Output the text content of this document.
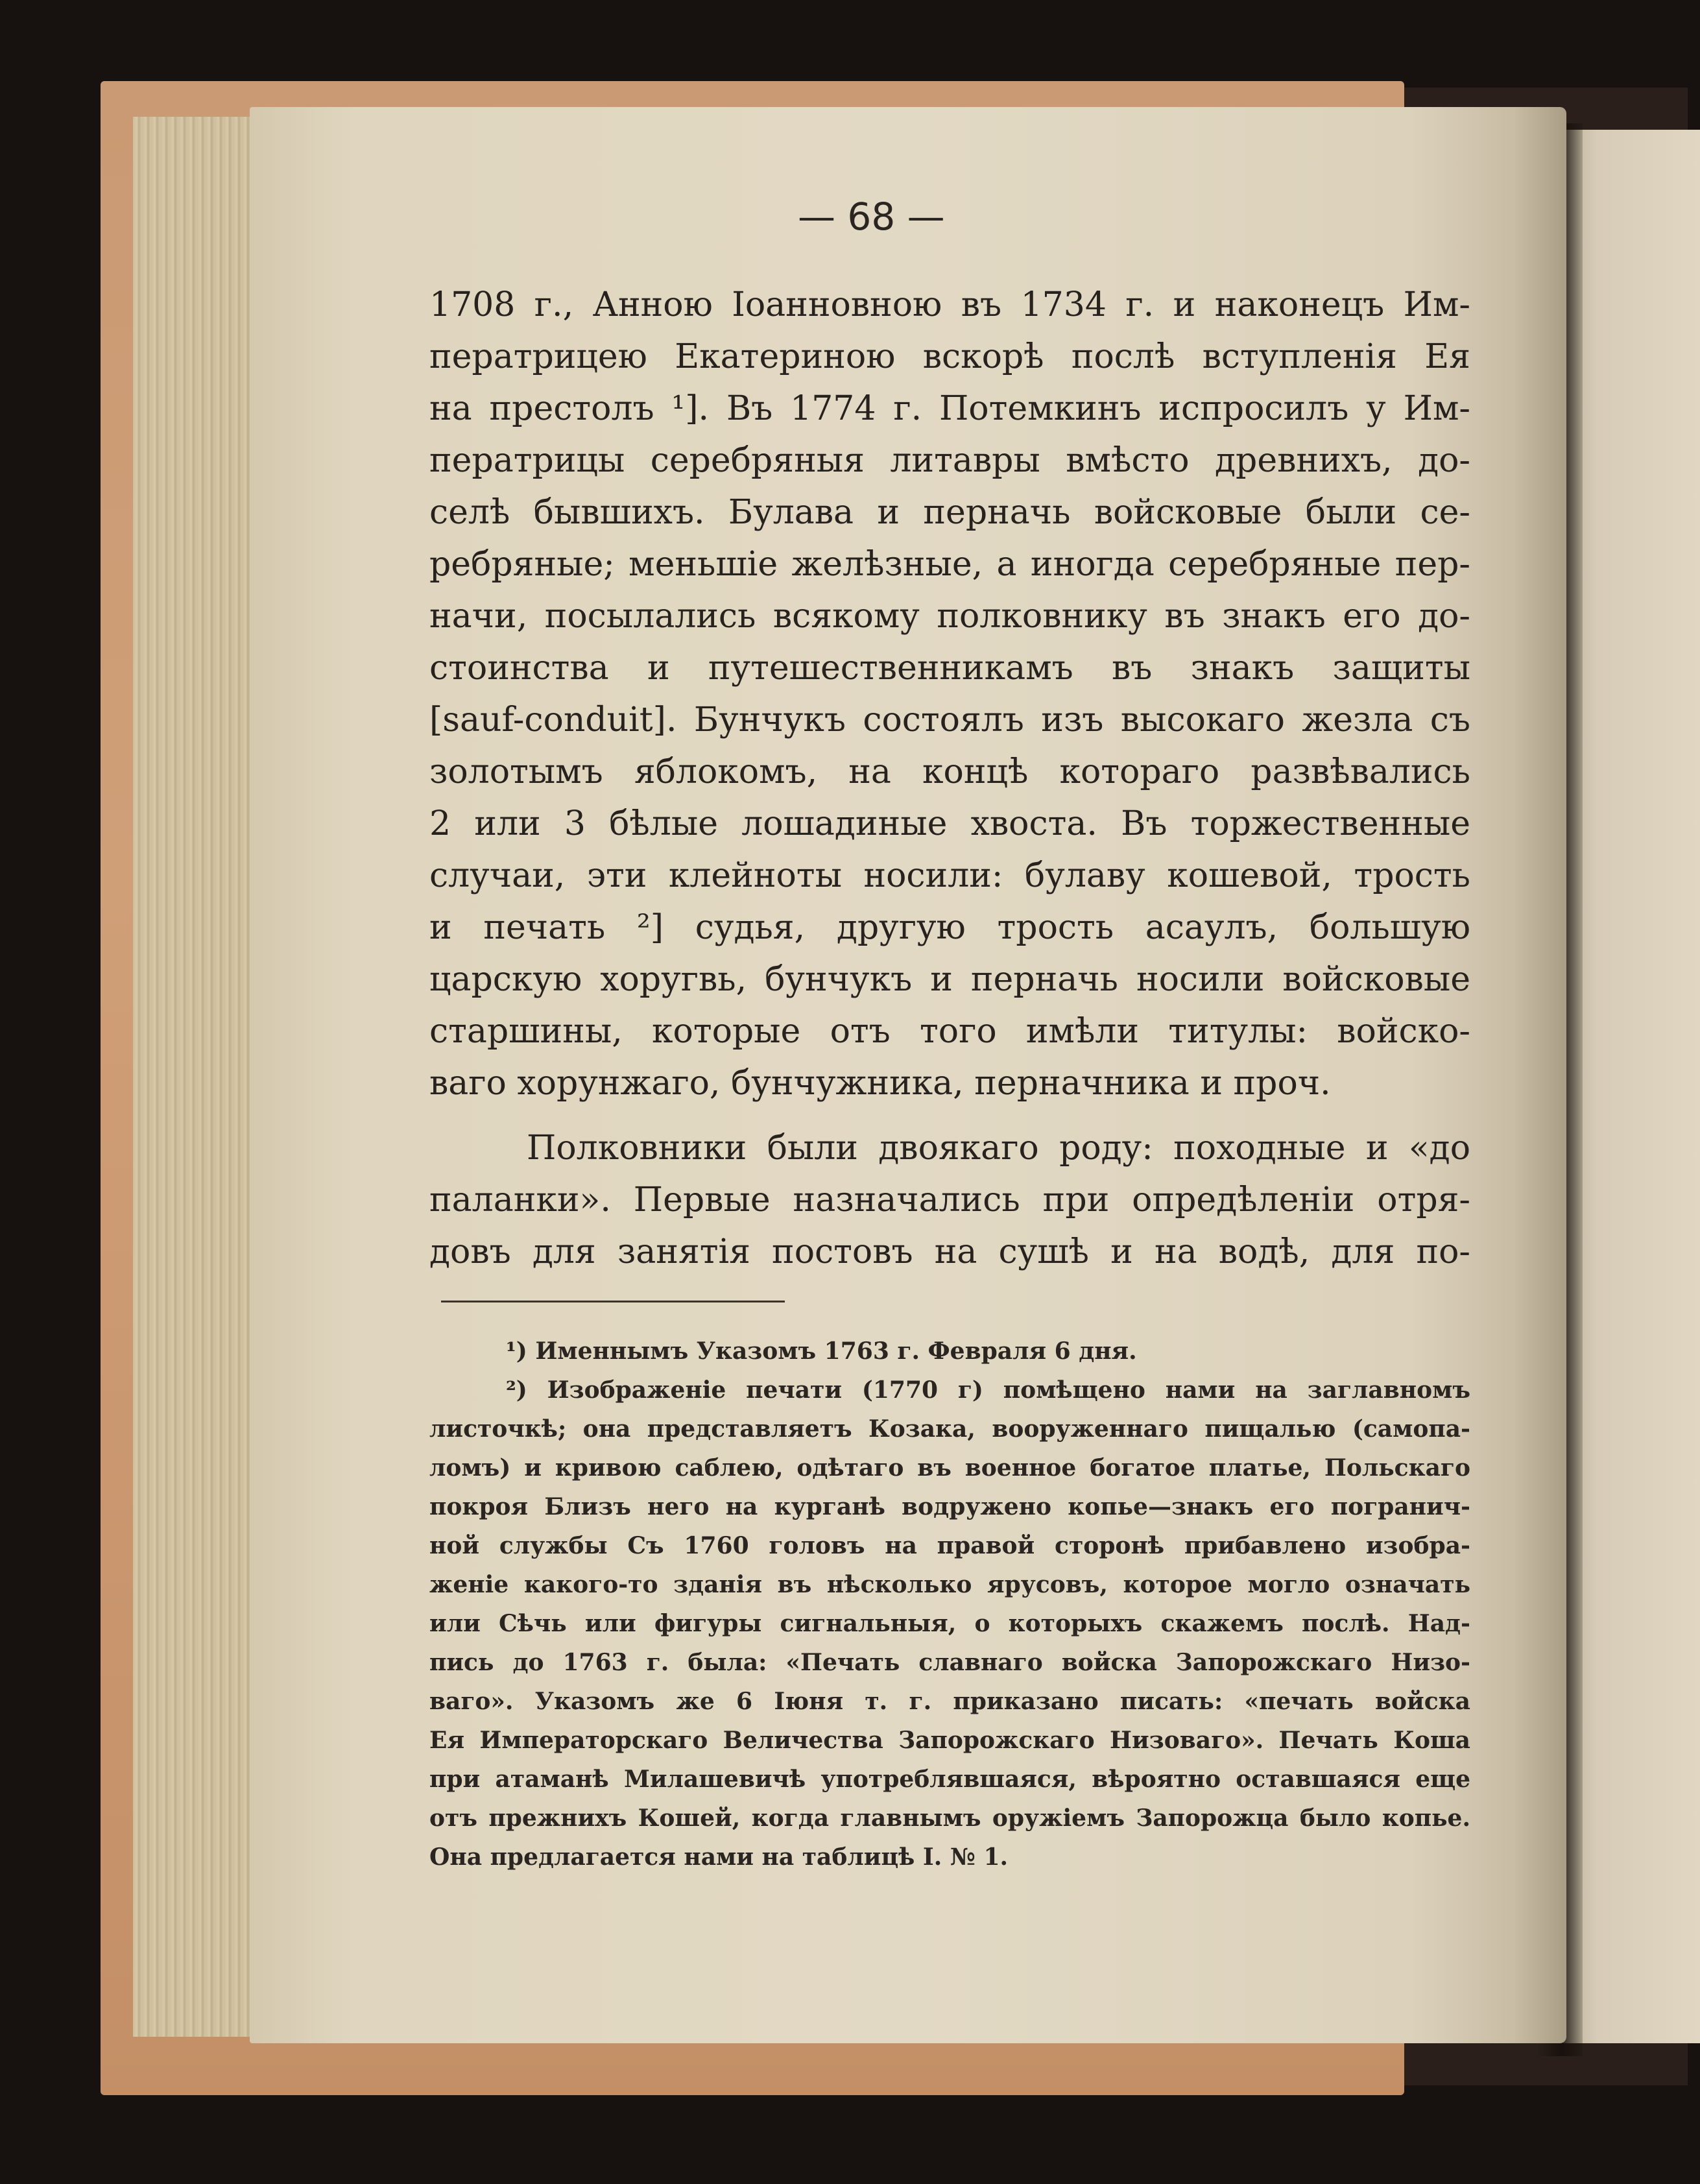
— 68 —
1708 г., Анною Іоанновною въ 1734 г. и наконецъ Им-
ператрицею Екатериною вскорѣ послѣ вступленія Ея
на престолъ ¹]. Въ 1774 г. Потемкинъ испросилъ у Им-
ператрицы серебряныя литавры вмѣсто древнихъ, до-
селѣ бывшихъ. Булава и перначь войсковые были се-
ребряные; меньшіе желѣзные, а иногда серебряные пер-
начи, посылались всякому полковнику въ знакъ его до-
стоинства и путешественникамъ въ знакъ защиты
[sauf-conduit]. Бунчукъ состоялъ изъ высокаго жезла съ
золотымъ яблокомъ, на концѣ котораго развѣвались
2 или 3 бѣлые лошадиные хвоста. Въ торжественные
случаи, эти клейноты носили: булаву кошевой, трость
и печать ²] судья, другую трость асаулъ, большую
царскую хоругвь, бунчукъ и перначь носили войсковые
старшины, которые отъ того имѣли титулы: войско-
ваго хорунжаго, бунчужника, перначника и проч.
Полковники были двоякаго роду: походные и «до
паланки». Первые назначались при опредѣленіи отря-
довъ для занятія постовъ на сушѣ и на водѣ, для по-
¹) Именнымъ Указомъ 1763 г. Февраля 6 дня.
²) Изображеніе печати (1770 г) помѣщено нами на заглавномъ
листочкѣ; она представляетъ Козака, вооруженнаго пищалью (самопа-
ломъ) и кривою саблею, одѣтаго въ военное богатое платье, Польскаго
покроя Близъ него на курганѣ водружено копье—знакъ его погранич-
ной службы Съ 1760 головъ на правой сторонѣ прибавлено изобра-
женіе какого-то зданія въ нѣсколько ярусовъ, которое могло означать
или Сѣчь или фигуры сигнальныя, о которыхъ скажемъ послѣ. Над-
пись до 1763 г. была: «Печать славнаго войска Запорожскаго Низо-
ваго». Указомъ же 6 Іюня т. г. приказано писать: «печать войска
Ея Императорскаго Величества Запорожскаго Низоваго». Печать Коша
при атаманѣ Милашевичѣ употреблявшаяся, вѣроятно оставшаяся еще
отъ прежнихъ Кошей, когда главнымъ оружіемъ Запорожца было копье.
Она предлагается нами на таблицѣ I. № 1.
